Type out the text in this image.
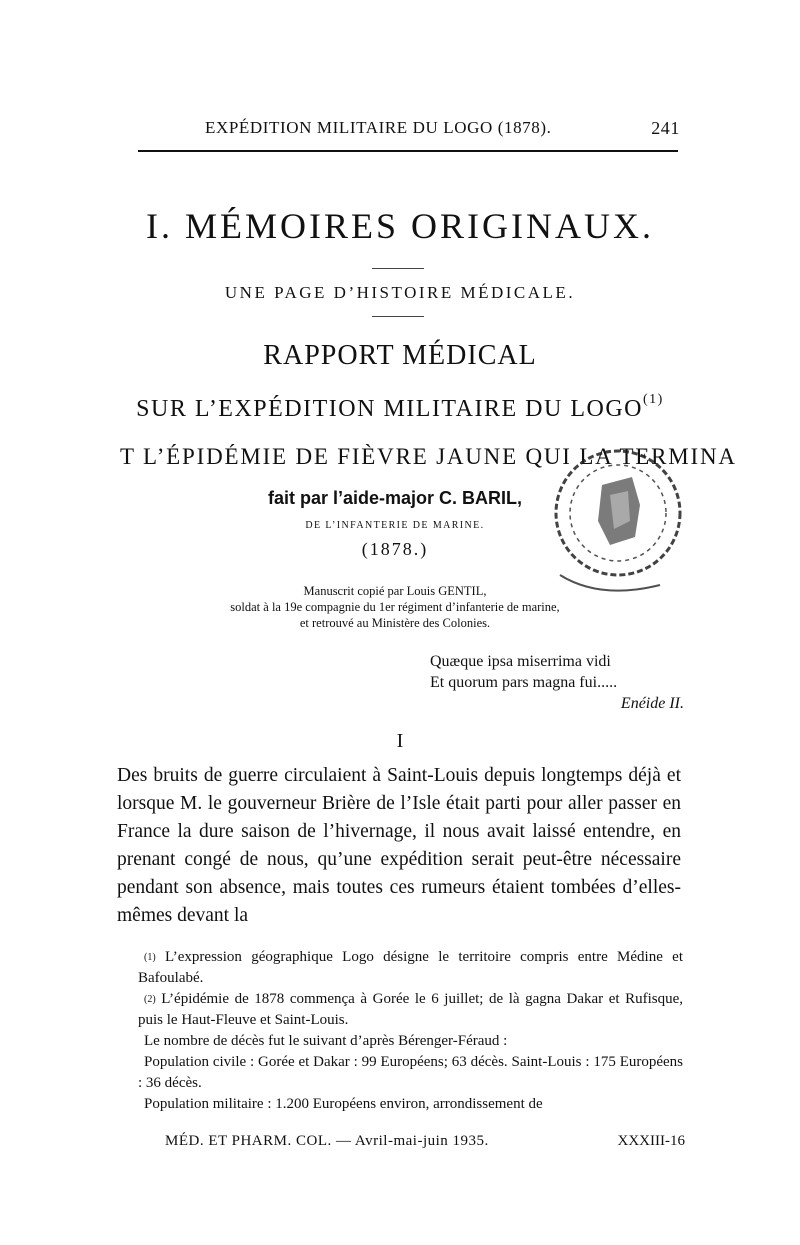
EXPÉDITION MILITAIRE DU LOGO (1878).	241
I. MÉMOIRES ORIGINAUX.
UNE PAGE D’HISTOIRE MÉDICALE.
RAPPORT MÉDICAL
SUR L’EXPÉDITION MILITAIRE DU LOGO$^{(1)}$
T L’ÉPIDÉMIE DE FIÈVRE JAUNE QUI LA TERMINA
fait par l’aide-major C. BARIL,
DE L’INFANTERIE DE MARINE.
(1878.)
Manuscrit copié par Louis GENTIL,
soldat à la 19e compagnie du 1er régiment d’infanterie de marine,
et retrouvé au Ministère des Colonies.
Quæque ipsa miserrima vidi
Et quorum pars magna fui.....
Enéide II.
I
Des bruits de guerre circulaient à Saint-Louis depuis longtemps déjà et lorsque M. le gouverneur Brière de l’Isle était parti pour aller passer en France la dure saison de l’hivernage, il nous avait laissé entendre, en prenant congé de nous, qu’une expédition serait peut-être nécessaire pendant son absence, mais toutes ces rumeurs étaient tombées d’elles-mêmes devant la

$^{(1)}$ L’expression géographique Logo désigne le territoire compris entre Médine et Bafoulabé.

$^{(2)}$ L’épidémie de 1878 commença à Gorée le 6 juillet; de là gagna Dakar et Rufisque, puis le Haut-Fleuve et Saint-Louis.

Le nombre de décès fut le suivant d’après Bérenger-Féraud :

Population civile : Gorée et Dakar : 99 Européens; 63 décès. Saint-Louis : 175 Européens : 36 décès.

Population militaire : 1.200 Européens environ, arrondissement de

MÉD. ET PHARM. COL. — Avril-mai-juin 1935.	XXXIII-16
